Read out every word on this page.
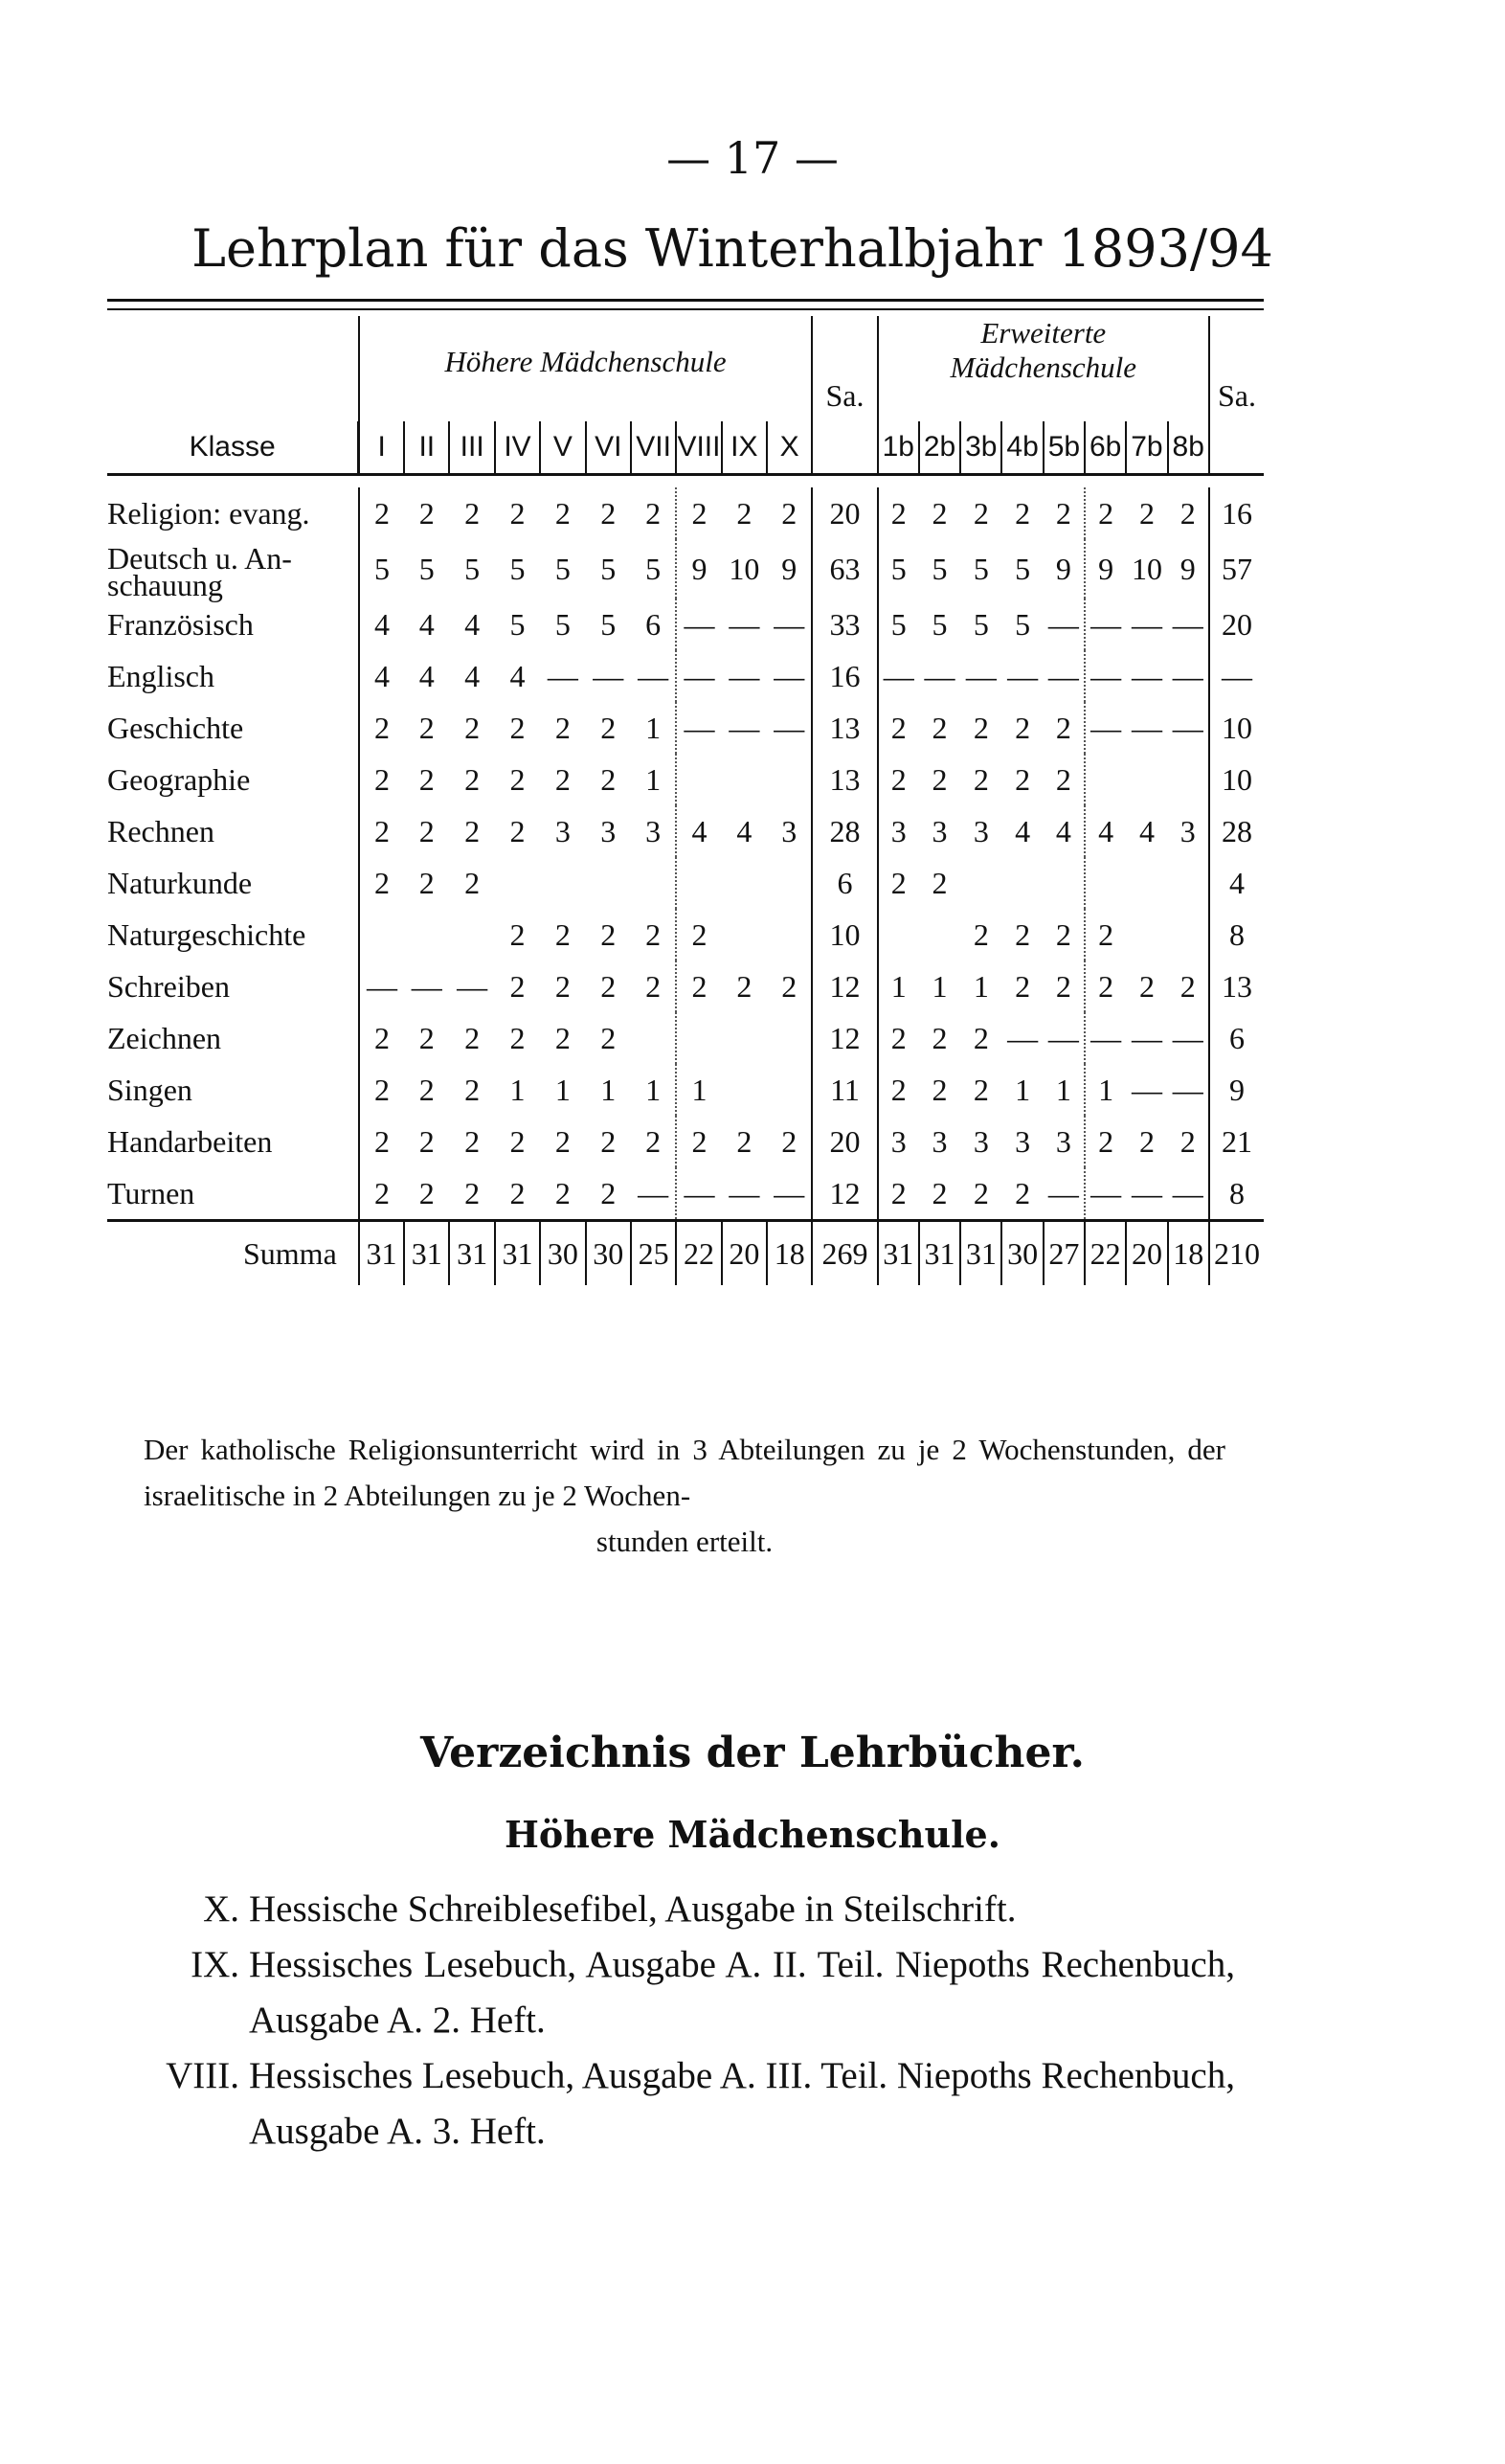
— 17 —
Lehrplan für das Winterhalbjahr 1893/94
	Höhere Mädchenschule										Sa.	Erweiterte
Mädchenschule								Sa.
Klasse	I	II	III	IV	V	VI	VII	VIII	IX	X		1b	2b	3b	4b	5b	6b	7b	8b	

Religion: evang.	2	2	2	2	2	2	2	2	2	2	20	2	2	2	2	2	2	2	2	16
Deutsch u. An-
schauung	5	5	5	5	5	5	5	9	10	9	63	5	5	5	5	9	9	10	9	57
Französisch	4	4	4	5	5	5	6	—	—	—	33	5	5	5	5	—	—	—	—	20
Englisch	4	4	4	4	—	—	—	—	—	—	16	—	—	—	—	—	—	—	—	—
Geschichte	2	2	2	2	2	2	1	—	—	—	13	2	2	2	2	2	—	—	—	10
Geographie	2	2	2	2	2	2	1				13	2	2	2	2	2				10
Rechnen	2	2	2	2	3	3	3	4	4	3	28	3	3	3	4	4	4	4	3	28
Naturkunde	2	2	2								6	2	2							4
Naturgeschichte				2	2	2	2	2			10			2	2	2	2			8
Schreiben	—	—	—	2	2	2	2	2	2	2	12	1	1	1	2	2	2	2	2	13
Zeichnen	2	2	2	2	2	2					12	2	2	2	—	—	—	—	—	6
Singen	2	2	2	1	1	1	1	1			11	2	2	2	1	1	1	—	—	9
Handarbeiten	2	2	2	2	2	2	2	2	2	2	20	3	3	3	3	3	2	2	2	21
Turnen	2	2	2	2	2	2	—	—	—	—	12	2	2	2	2	—	—	—	—	8
Summa	31	31	31	31	30	30	25	22	20	18	269	31	31	31	30	27	22	20	18	210
Der katholische Religionsunterricht wird in 3 Abteilungen zu je 2 Wochenstunden, der israelitische in 2 Abteilungen zu je 2 Wochen-
stunden erteilt.
Verzeichnis der Lehrbücher.
Höhere Mädchenschule.
X. Hessische Schreiblesefibel, Ausgabe in Steilschrift.
IX. Hessisches Lesebuch, Ausgabe A. II. Teil. Niepoths Rechenbuch, Ausgabe A. 2. Heft.
VIII. Hessisches Lesebuch, Ausgabe A. III. Teil. Niepoths Rechenbuch, Ausgabe A. 3. Heft.
